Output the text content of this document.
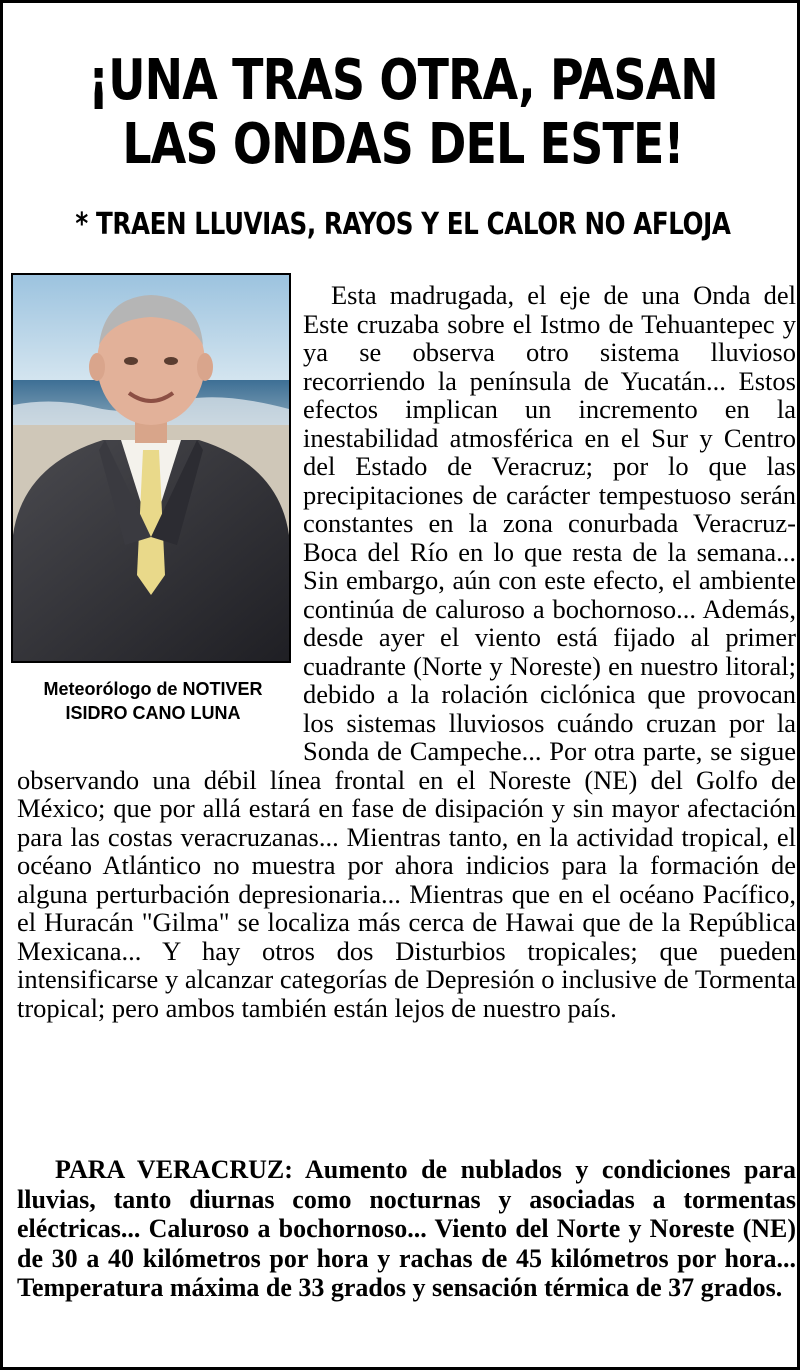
¡UNA TRAS OTRA, PASAN
LAS ONDAS DEL ESTE!
* TRAEN LLUVIAS, RAYOS Y EL CALOR NO AFLOJA
Meteorólogo de NOTIVER
ISIDRO CANO LUNA
Esta madrugada, el eje de una Onda del Este cruzaba sobre el Istmo de Tehuantepec y ya se observa otro sistema lluvioso recorriendo la península de Yucatán... Estos efectos implican un incremento en la inestabilidad atmosférica en el Sur y Centro del Estado de Veracruz; por lo que las precipitaciones de carácter tempestuoso serán constantes en la zona conurbada Veracruz-Boca del Río en lo que resta de la semana... Sin embargo, aún con este efecto, el ambiente continúa de caluroso a bochornoso... Además, desde ayer el viento está fijado al primer cuadrante (Norte y Noreste) en nuestro litoral; debido a la rolación ciclónica que provocan los sistemas lluviosos cuándo cruzan por la Sonda de Campeche... Por otra parte, se sigue observando una débil línea frontal en el Noreste (NE) del Golfo de México; que por allá estará en fase de disipación y sin mayor afectación para las costas veracruzanas... Mientras tanto, en la actividad tropical, el océano Atlántico no muestra por ahora indicios para la formación de alguna perturbación depresionaria... Mientras que en el océano Pacífico, el Huracán "Gilma" se localiza más cerca de Hawai que de la República Mexicana... Y hay otros dos Disturbios tropicales; que pueden intensificarse y alcanzar categorías de Depresión o inclusive de Tormenta tropical; pero ambos también están lejos de nuestro país.

PARA VERACRUZ: Aumento de nublados y condiciones para lluvias, tanto diurnas como nocturnas y asociadas a tormentas eléctricas... Caluroso a bochornoso... Viento del Norte y Noreste (NE) de 30 a 40 kilómetros por hora y rachas de 45 kilómetros por hora... Temperatura máxima de 33 grados y sensación térmica de 37 grados.
